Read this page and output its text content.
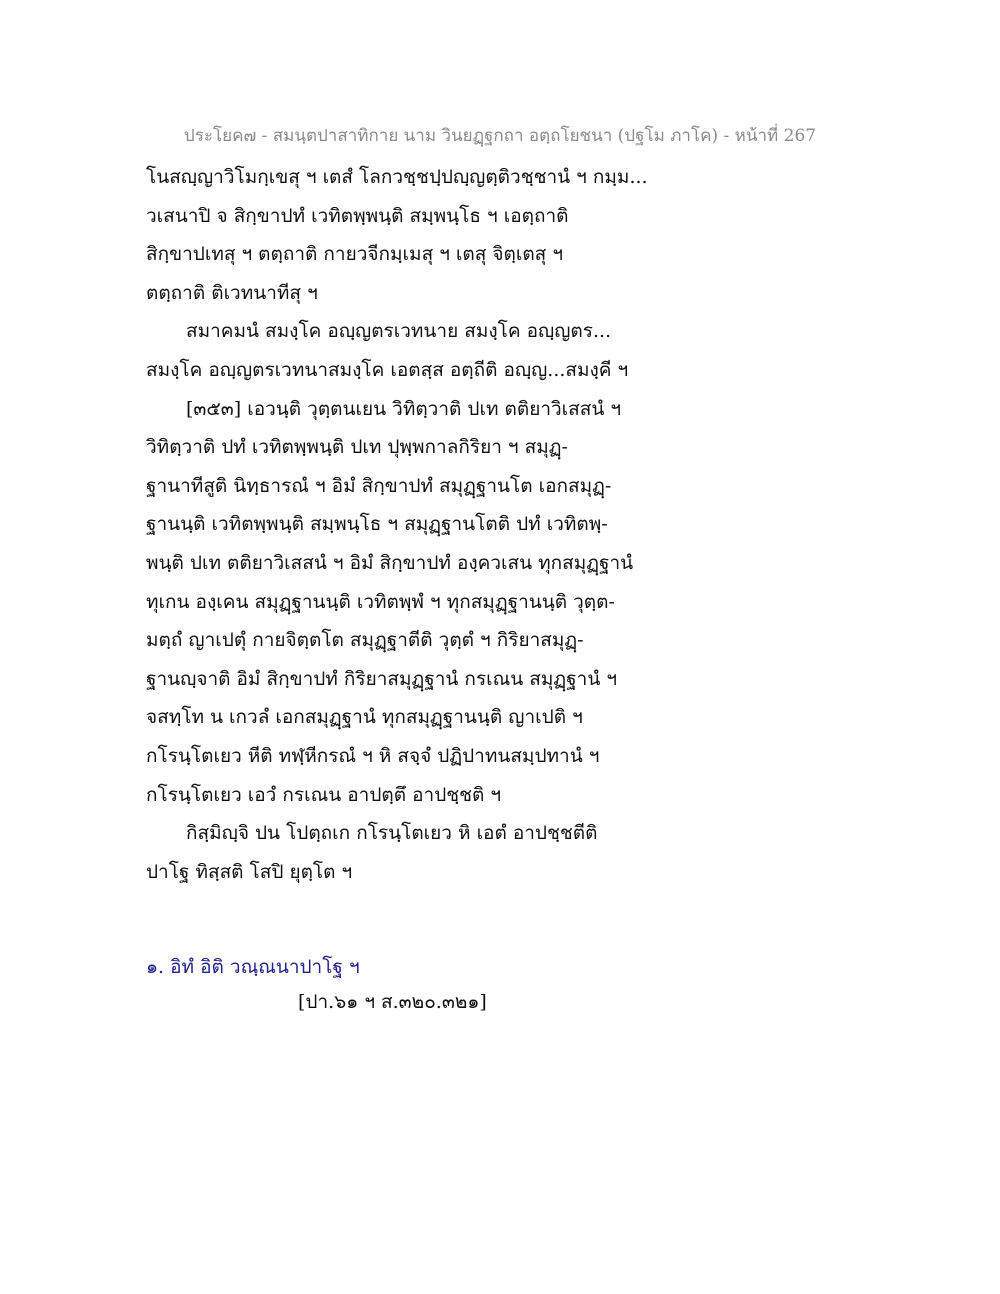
ประโยค๗ - สมนฺตปาสาทิกาย นาม วินยฏฺฐกถา อตฺถโยชนา (ปฐโม ภาโค) - หน้าที่ 267
โนสญฺญาวิโมกฺเขสุ ฯ เตสํ โลกวชฺชปฺปญฺญตฺติวชฺชานํ ฯ กมฺม...
วเสนาปิ จ สิกฺขาปทํ เวทิตพฺพนฺติ สมฺพนฺโธ ฯ เอตฺถาติ
สิกฺขาปเทสุ ฯ ตตฺถาติ กายวจีกมฺเมสุ ฯ เตสุ จิตฺเตสุ ฯ
ตตฺถาติ ติเวทนาทีสุ ฯ
สมาคมนํ สมงฺโค อญฺญตรเวทนาย สมงฺโค อญฺญตร...
สมงฺโค อญฺญตรเวทนาสมงฺโค เอตสฺส อตฺถีติ อญฺญ...สมงฺคี ฯ
[๓๕๓] เอวนฺติ วุตฺตนเยน วิทิตฺวาติ ปเท ตติยาวิเสสนํ ฯ
วิทิตฺวาติ ปทํ เวทิตพฺพนฺติ ปเท ปุพฺพกาลกิริยา ฯ สมุฏฺ-
ฐานาทีสูติ นิทฺธารณํ ฯ อิมํ สิกฺขาปทํ สมุฏฺฐานโต เอกสมุฏฺ-
ฐานนฺติ เวทิตพฺพนฺติ สมฺพนฺโธ ฯ สมุฏฺฐานโตติ ปทํ เวทิตพฺ-
พนฺติ ปเท ตติยาวิเสสนํ ฯ อิมํ สิกฺขาปทํ องฺควเสน ทุกสมุฏฺฐานํ
ทุเกน องฺเคน สมุฏฺฐานนฺติ เวทิตพฺพํ ฯ ทุกสมุฏฺฐานนฺติ วุตฺต-
มตฺถํ ญาเปตุํ กายจิตฺตโต สมุฏฺฐาตีติ วุตฺตํ ฯ กิริยาสมุฏฺ-
ฐานญฺจาติ อิมํ สิกฺขาปทํ กิริยาสมุฏฺฐานํ กรเณน สมุฏฺฐานํ ฯ
จสทฺโท น เกวลํ เอกสมุฏฺฐานํ ทุกสมุฏฺฐานนฺติ ญาเปติ ฯ
กโรนฺโตเยว หีติ ทฬฺหีกรณํ ฯ หิ สจฺจํ ปฏิปาทนสมฺปทานํ ฯ
กโรนฺโตเยว เอวํ กรเณน อาปตฺตึ อาปชฺชติ ฯ
กิสฺมิญฺจิ ปน โปตฺถเก กโรนฺโตเยว หิ เอตํ อาปชฺชตีติ
ปาโฐ ทิสฺสติ โสปิ ยุตฺโต ฯ
๑. อิทํ อิติ วณฺณนาปาโฐ ฯ
[ปา.๖๑ ฯ ส.๓๒๐.๓๒๑]
